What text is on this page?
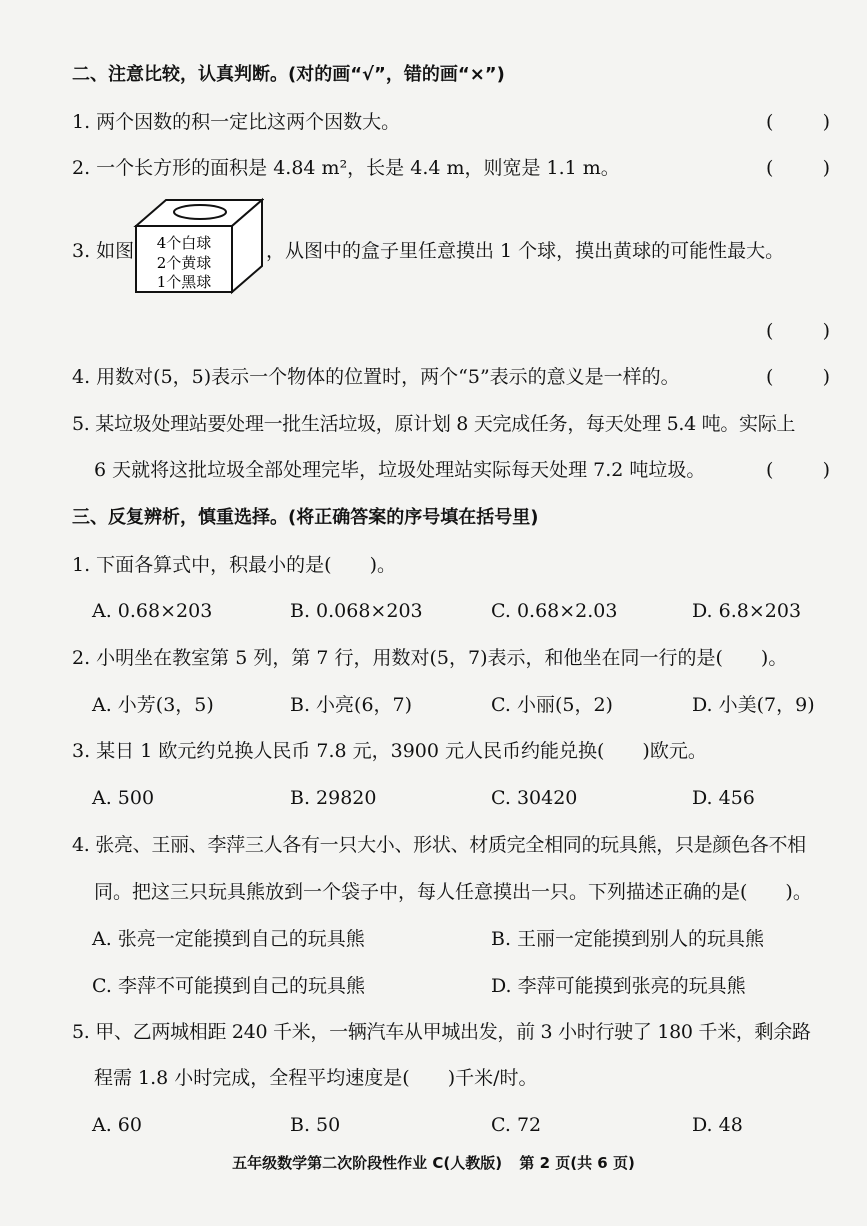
二、注意比较，认真判断。(对的画“√”，错的画“×”)
1. 两个因数的积一定比这两个因数大。	(	)
2. 一个长方形的面积是 4.84 m²，长是 4.4 m，则宽是 1.1 m。	(	)
3. 如图 4个白球
2个黄球
1个黑球
，从图中的盒子里任意摸出 1 个球，摸出黄球的可能性最大。
(	)
4. 用数对(5，5)表示一个物体的位置时，两个“5”表示的意义是一样的。	(	)
5. 某垃圾处理站要处理一批生活垃圾，原计划 8 天完成任务，每天处理 5.4 吨。实际上
6 天就将这批垃圾全部处理完毕，垃圾处理站实际每天处理 7.2 吨垃圾。	(	)
三、反复辨析，慎重选择。(将正确答案的序号填在括号里)
1. 下面各算式中，积最小的是(　　)。
A. 0.68×203	B. 0.068×203	C. 0.68×2.03	D. 6.8×203
2. 小明坐在教室第 5 列，第 7 行，用数对(5，7)表示，和他坐在同一行的是(　　)。
A. 小芳(3，5)	B. 小亮(6，7)	C. 小丽(5，2)	D. 小美(7，9)
3. 某日 1 欧元约兑换人民币 7.8 元，3900 元人民币约能兑换(　　)欧元。
A. 500	B. 29820	C. 30420	D. 456
4. 张亮、王丽、李萍三人各有一只大小、形状、材质完全相同的玩具熊，只是颜色各不相
同。把这三只玩具熊放到一个袋子中，每人任意摸出一只。下列描述正确的是(　　)。
A. 张亮一定能摸到自己的玩具熊	B. 王丽一定能摸到别人的玩具熊
C. 李萍不可能摸到自己的玩具熊	D. 李萍可能摸到张亮的玩具熊
5. 甲、乙两城相距 240 千米，一辆汽车从甲城出发，前 3 小时行驶了 180 千米，剩余路
程需 1.8 小时完成，全程平均速度是(　　)千米/时。
A. 60	B. 50	C. 72	D. 48
五年级数学第二次阶段性作业 C(人教版) 第 2 页(共 6 页)
